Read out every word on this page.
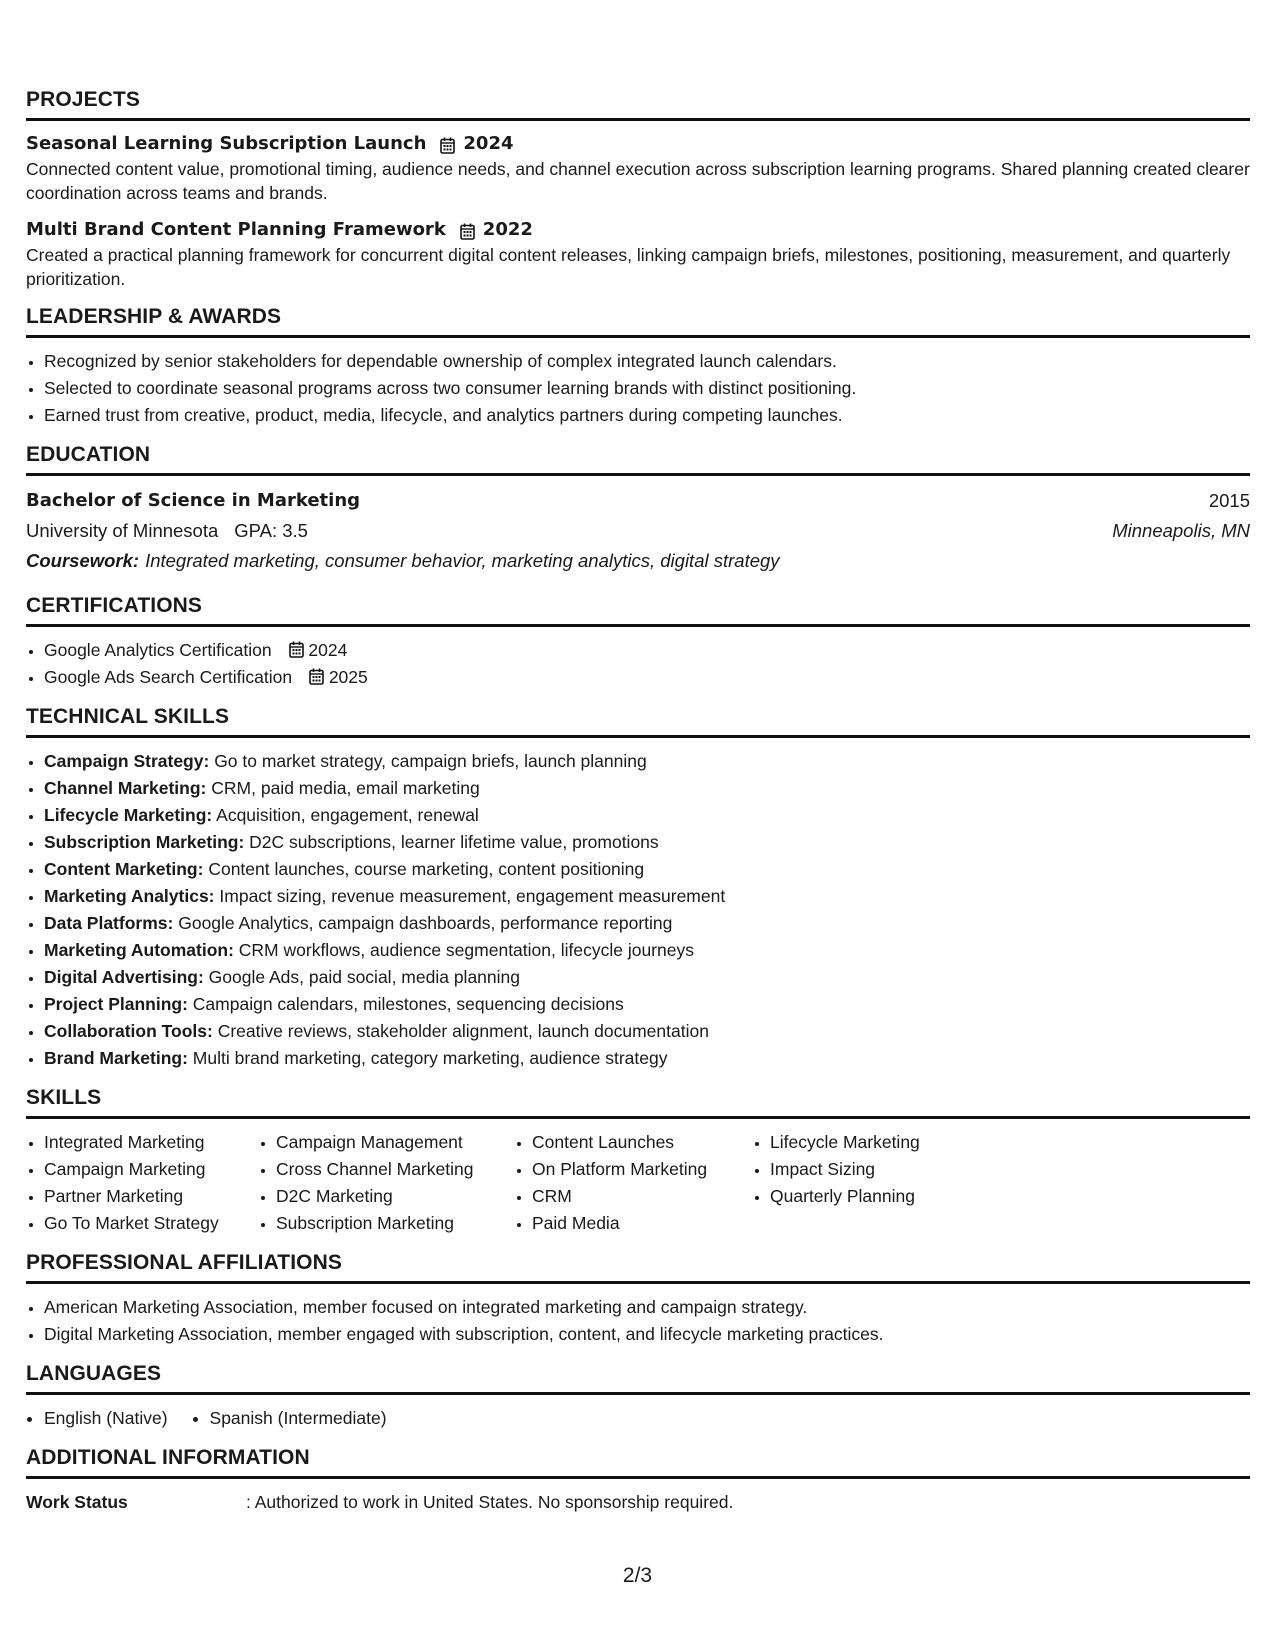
PROJECTS
Seasonal Learning Subscription Launch 2024
Connected content value, promotional timing, audience needs, and channel execution across subscription learning programs. Shared planning created clearer coordination across teams and brands.
Multi Brand Content Planning Framework 2022
Created a practical planning framework for concurrent digital content releases, linking campaign briefs, milestones, positioning, measurement, and quarterly prioritization.
LEADERSHIP & AWARDS
• Recognized by senior stakeholders for dependable ownership of complex integrated launch calendars.
• Selected to coordinate seasonal programs across two consumer learning brands with distinct positioning.
• Earned trust from creative, product, media, lifecycle, and analytics partners during competing launches.
EDUCATION
Bachelor of Science in Marketing	2015
University of Minnesota GPA: 3.5	Minneapolis, MN
Coursework: Integrated marketing, consumer behavior, marketing analytics, digital strategy
CERTIFICATIONS
• Google Analytics Certification 2024
• Google Ads Search Certification 2025
TECHNICAL SKILLS
• Campaign Strategy: Go to market strategy, campaign briefs, launch planning
• Channel Marketing: CRM, paid media, email marketing
• Lifecycle Marketing: Acquisition, engagement, renewal
• Subscription Marketing: D2C subscriptions, learner lifetime value, promotions
• Content Marketing: Content launches, course marketing, content positioning
• Marketing Analytics: Impact sizing, revenue measurement, engagement measurement
• Data Platforms: Google Analytics, campaign dashboards, performance reporting
• Marketing Automation: CRM workflows, audience segmentation, lifecycle journeys
• Digital Advertising: Google Ads, paid social, media planning
• Project Planning: Campaign calendars, milestones, sequencing decisions
• Collaboration Tools: Creative reviews, stakeholder alignment, launch documentation
• Brand Marketing: Multi brand marketing, category marketing, audience strategy
SKILLS
• Integrated Marketing
• Campaign Marketing
• Partner Marketing
• Go To Market Strategy
• Campaign Management
• Cross Channel Marketing
• D2C Marketing
• Subscription Marketing
• Content Launches
• On Platform Marketing
• CRM
• Paid Media
• Lifecycle Marketing
• Impact Sizing
• Quarterly Planning
PROFESSIONAL AFFILIATIONS
• American Marketing Association, member focused on integrated marketing and campaign strategy.
• Digital Marketing Association, member engaged with subscription, content, and lifecycle marketing practices.
LANGUAGES
• English (Native)
• Spanish (Intermediate)
ADDITIONAL INFORMATION
Work Status	: Authorized to work in United States. No sponsorship required.
2/3
